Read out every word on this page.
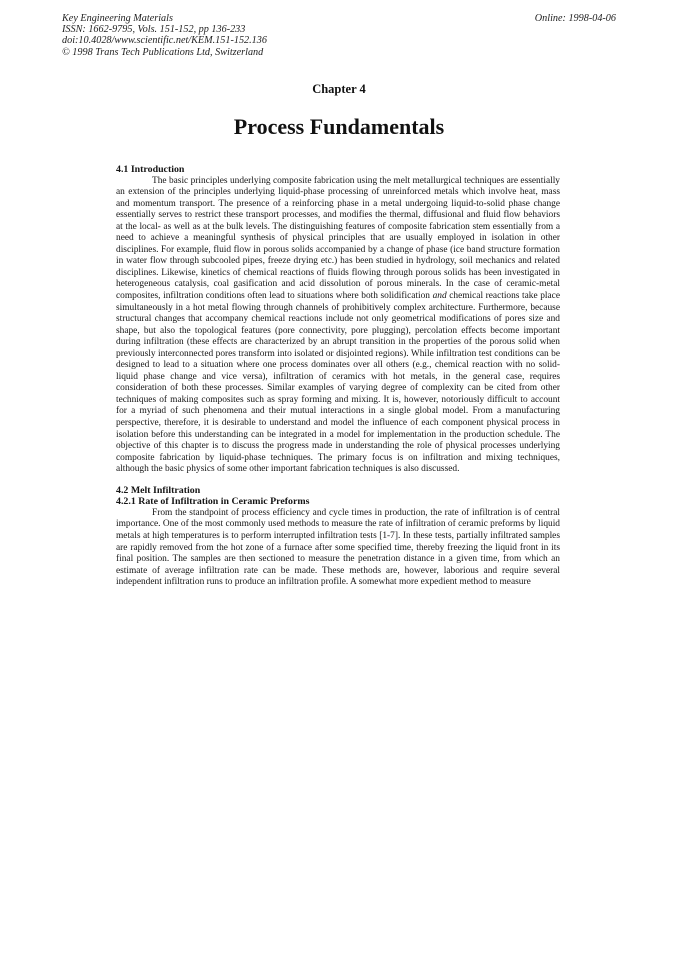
Key Engineering Materials
ISSN: 1662-9795, Vols. 151-152, pp 136-233
doi:10.4028/www.scientific.net/KEM.151-152.136
© 1998 Trans Tech Publications Ltd, Switzerland
Online: 1998-04-06
Chapter 4
Process Fundamentals

4.1 Introduction

The basic principles underlying composite fabrication using the melt metallurgical techniques are essentially an extension of the principles underlying liquid-phase processing of unreinforced metals which involve heat, mass and momentum transport. The presence of a reinforcing phase in a metal undergoing liquid-to-solid phase change essentially serves to restrict these transport processes, and modifies the thermal, diffusional and fluid flow behaviors at the local- as well as at the bulk levels. The distinguishing features of composite fabrication stem essentially from a need to achieve a meaningful synthesis of physical principles that are usually employed in isolation in other disciplines. For example, fluid flow in porous solids accompanied by a change of phase (ice band structure formation in water flow through subcooled pipes, freeze drying etc.) has been studied in hydrology, soil mechanics and related disciplines. Likewise, kinetics of chemical reactions of fluids flowing through porous solids has been investigated in heterogeneous catalysis, coal gasification and acid dissolution of porous minerals. In the case of ceramic-metal composites, infiltration conditions often lead to situations where both solidification and chemical reactions take place simultaneously in a hot metal flowing through channels of prohibitively complex architecture. Furthermore, because structural changes that accompany chemical reactions include not only geometrical modifications of pores size and shape, but also the topological features (pore connectivity, pore plugging), percolation effects become important during infiltration (these effects are characterized by an abrupt transition in the properties of the porous solid when previously interconnected pores transform into isolated or disjointed regions). While infiltration test conditions can be designed to lead to a situation where one process dominates over all others (e.g., chemical reaction with no solid-liquid phase change and vice versa), infiltration of ceramics with hot metals, in the general case, requires consideration of both these processes. Similar examples of varying degree of complexity can be cited from other techniques of making composites such as spray forming and mixing. It is, however, notoriously difficult to account for a myriad of such phenomena and their mutual interactions in a single global model. From a manufacturing perspective, therefore, it is desirable to understand and model the influence of each component physical process in isolation before this understanding can be integrated in a model for implementation in the production schedule. The objective of this chapter is to discuss the progress made in understanding the role of physical processes underlying composite fabrication by liquid-phase techniques. The primary focus is on infiltration and mixing techniques, although the basic physics of some other important fabrication techniques is also discussed.

4.2 Melt Infiltration

4.2.1 Rate of Infiltration in Ceramic Preforms

From the standpoint of process efficiency and cycle times in production, the rate of infiltration is of central importance. One of the most commonly used methods to measure the rate of infiltration of ceramic preforms by liquid metals at high temperatures is to perform interrupted infiltration tests [1-7]. In these tests, partially infiltrated samples are rapidly removed from the hot zone of a furnace after some specified time, thereby freezing the liquid front in its final position. The samples are then sectioned to measure the penetration distance in a given time, from which an estimate of average infiltration rate can be made. These methods are, however, laborious and require several independent infiltration runs to produce an infiltration profile. A somewhat more expedient method to measure
